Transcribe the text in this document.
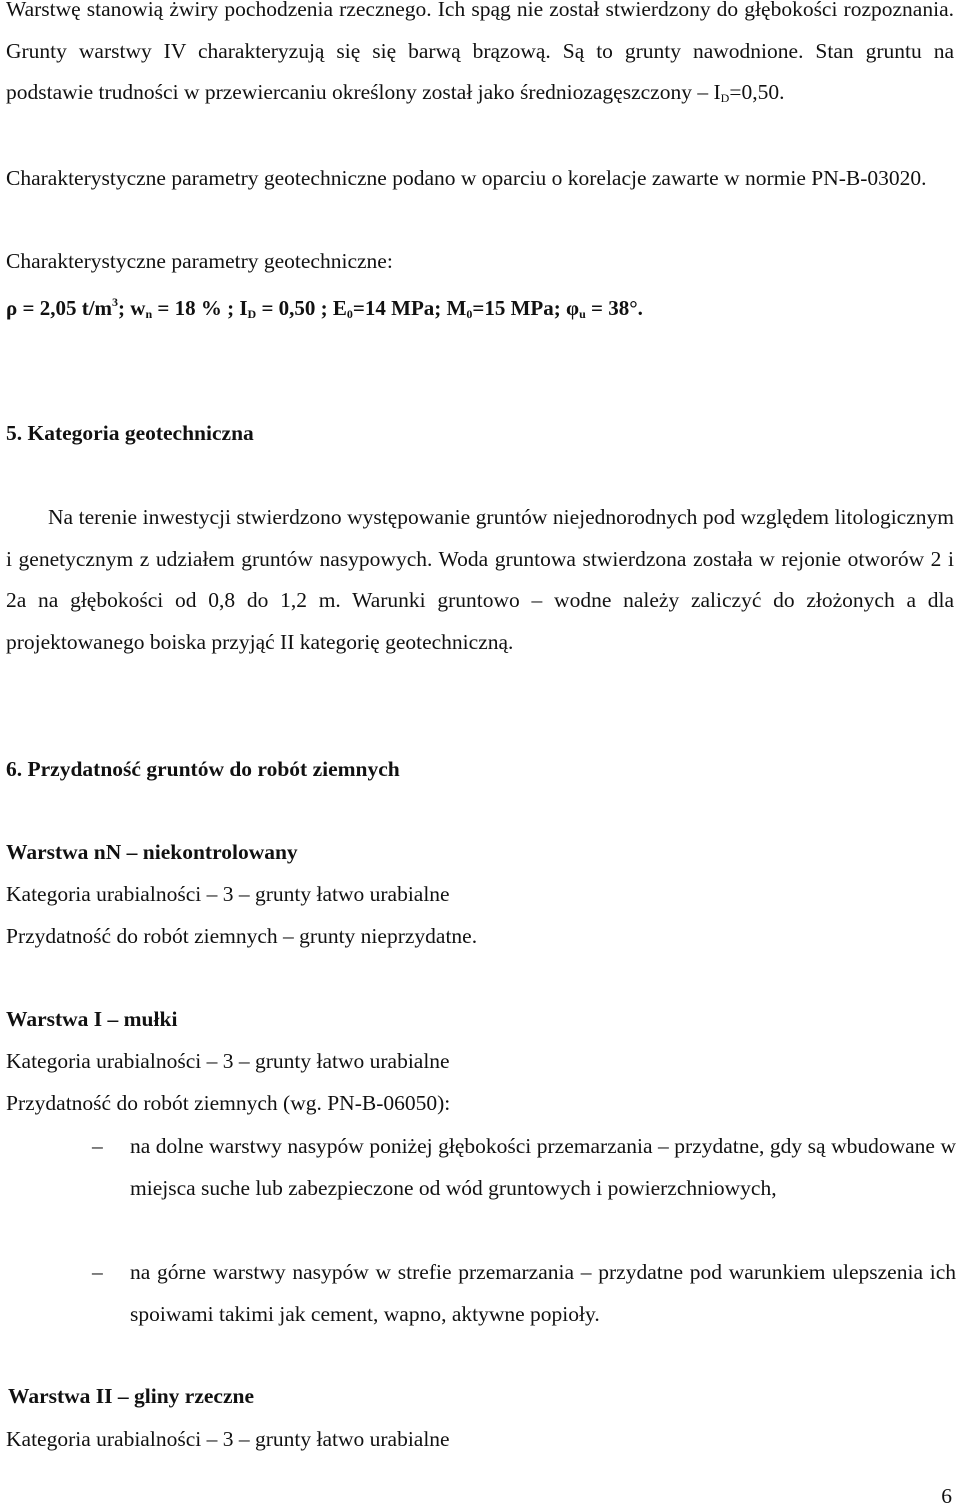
Warstwę stanowią żwiry pochodzenia rzecznego. Ich spąg nie został stwierdzony do głębokości rozpoznania. Grunty warstwy IV charakteryzują się się barwą brązową. Są to grunty nawodnione. Stan gruntu na podstawie trudności w przewiercaniu określony został jako średniozagęszczony – $I_D=0,50$.
Charakterystyczne parametry geotechniczne podano w oparciu o korelacje zawarte w normie PN-B-03020.
Charakterystyczne parametry geotechniczne:
ρ = 2,05 $t/m^3$; $w_n = 18$ % ; $I_D = 0,50$ ; $E_0=14$ MPa; $M_0=15$ MPa; $\varphi_u = 38^\circ$.
5. Kategoria geotechniczna
Na terenie inwestycji stwierdzono występowanie gruntów niejednorodnych pod względem litologicznym i genetycznym z udziałem gruntów nasypowych. Woda gruntowa stwierdzona została w rejonie otworów 2 i 2a na głębokości od 0,8 do 1,2 m. Warunki gruntowo – wodne należy zaliczyć do złożonych a dla projektowanego boiska przyjąć II kategorię geotechniczną.
6. Przydatność gruntów do robót ziemnych
Warstwa nN – niekontrolowany
Kategoria urabialności – 3 – grunty łatwo urabialne
Przydatność do robót ziemnych – grunty nieprzydatne.
Warstwa I – mułki
Kategoria urabialności – 3 – grunty łatwo urabialne
Przydatność do robót ziemnych (wg. PN-B-06050):
– na dolne warstwy nasypów poniżej głębokości przemarzania – przydatne, gdy są wbudowane w miejsca suche lub zabezpieczone od wód gruntowych i powierzchniowych,
– na górne warstwy nasypów w strefie przemarzania – przydatne pod warunkiem ulepszenia ich spoiwami takimi jak cement, wapno, aktywne popioły.
Warstwa II – gliny rzeczne
Kategoria urabialności – 3 – grunty łatwo urabialne
6
